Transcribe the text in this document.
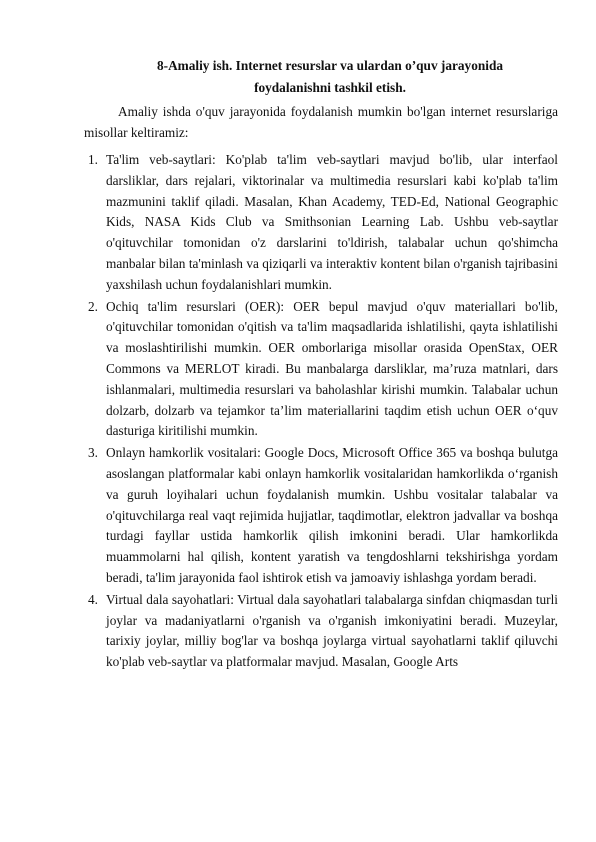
8-Amaliy ish. Internet resurslar va ulardan o’quv jarayonida
foydalanishni tashkil etish.

Amaliy ishda o'quv jarayonida foydalanish mumkin bo'lgan internet resurslariga misollar keltiramiz:

1. Ta'lim veb-saytlari: Ko'plab ta'lim veb-saytlari mavjud bo'lib, ular interfaol darsliklar, dars rejalari, viktorinalar va multimedia resurslari kabi ko'plab ta'lim mazmunini taklif qiladi. Masalan, Khan Academy, TED-Ed, National Geographic Kids, NASA Kids Club va Smithsonian Learning Lab. Ushbu veb-saytlar o'qituvchilar tomonidan o'z darslarini to'ldirish, talabalar uchun qo'shimcha manbalar bilan ta'minlash va qiziqarli va interaktiv kontent bilan o'rganish tajribasini yaxshilash uchun foydalanishlari mumkin.

2. Ochiq ta'lim resurslari (OER): OER bepul mavjud o'quv materiallari bo'lib, o'qituvchilar tomonidan o'qitish va ta'lim maqsadlarida ishlatilishi, qayta ishlatilishi va moslashtirilishi mumkin. OER omborlariga misollar orasida OpenStax, OER Commons va MERLOT kiradi. Bu manbalarga darsliklar, ma’ruza matnlari, dars ishlanmalari, multimedia resurslari va baholashlar kirishi mumkin. Talabalar uchun dolzarb, dolzarb va tejamkor ta’lim materiallarini taqdim etish uchun OER o‘quv dasturiga kiritilishi mumkin.

3. Onlayn hamkorlik vositalari: Google Docs, Microsoft Office 365 va boshqa bulutga asoslangan platformalar kabi onlayn hamkorlik vositalaridan hamkorlikda o‘rganish va guruh loyihalari uchun foydalanish mumkin. Ushbu vositalar talabalar va o'qituvchilarga real vaqt rejimida hujjatlar, taqdimotlar, elektron jadvallar va boshqa turdagi fayllar ustida hamkorlik qilish imkonini beradi. Ular hamkorlikda muammolarni hal qilish, kontent yaratish va tengdoshlarni tekshirishga yordam beradi, ta'lim jarayonida faol ishtirok etish va jamoaviy ishlashga yordam beradi.

4. Virtual dala sayohatlari: Virtual dala sayohatlari talabalarga sinfdan chiqmasdan turli joylar va madaniyatlarni o'rganish va o'rganish imkoniyatini beradi. Muzeylar, tarixiy joylar, milliy bog'lar va boshqa joylarga virtual sayohatlarni taklif qiluvchi ko'plab veb-saytlar va platformalar mavjud. Masalan, Google Arts
